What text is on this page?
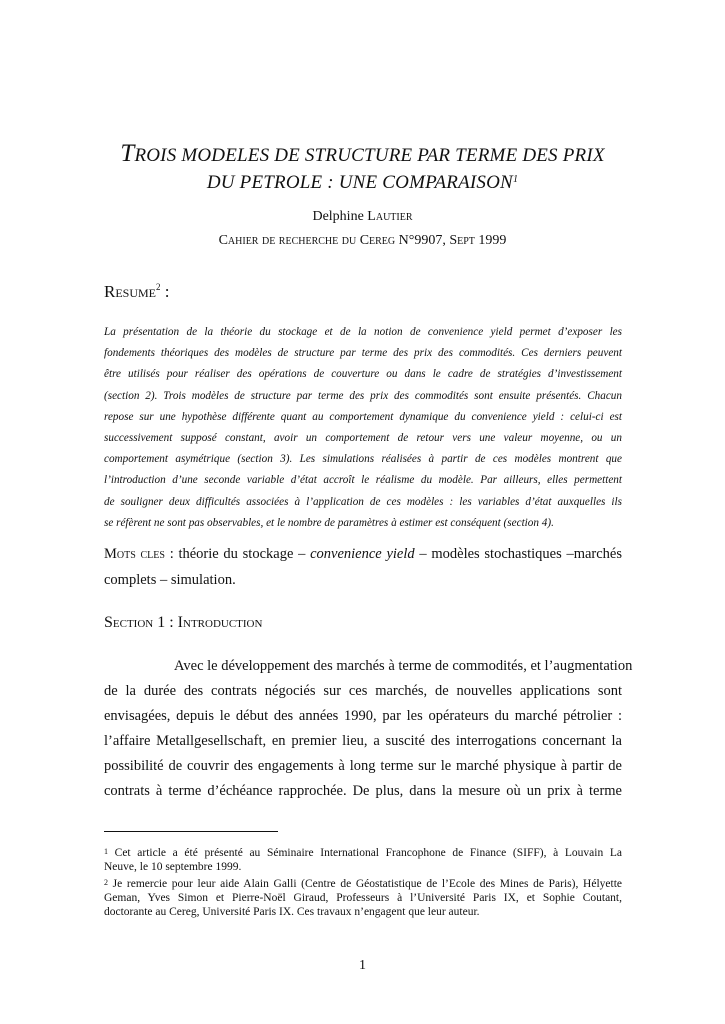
TROIS MODELES DE STRUCTURE PAR TERME DES PRIX
DU PETROLE : UNE COMPARAISON$^1$
Delphine Lautier
Cahier de recherche du Cereg N°9907, Sept 1999
Resume$^2$ :
La présentation de la théorie du stockage et de la notion de convenience yield permet d’exposer les
fondements théoriques des modèles de structure par terme des prix des commodités. Ces derniers peuvent
être utilisés pour réaliser des opérations de couverture ou dans le cadre de stratégies d’investissement
(section 2). Trois modèles de structure par terme des prix des commodités sont ensuite présentés. Chacun
repose sur une hypothèse différente quant au comportement dynamique du convenience yield : celui-ci est
successivement supposé constant, avoir un comportement de retour vers une valeur moyenne, ou un
comportement asymétrique (section 3). Les simulations réalisées à partir de ces modèles montrent que
l’introduction d’une seconde variable d’état accroît le réalisme du modèle. Par ailleurs, elles permettent
de souligner deux difficultés associées à l’application de ces modèles : les variables d’état auxquelles ils
se réfèrent ne sont pas observables, et le nombre de paramètres à estimer est conséquent (section 4).
Mots cles : théorie du stockage – convenience yield – modèles stochastiques –marchés complets – simulation.
Section 1 : Introduction
Avec le développement des marchés à terme de commodités, et l’augmentation
de la durée des contrats négociés sur ces marchés, de nouvelles applications sont
envisagées, depuis le début des années 1990, par les opérateurs du marché pétrolier :
l’affaire Metallgesellschaft, en premier lieu, a suscité des interrogations concernant la
possibilité de couvrir des engagements à long terme sur le marché physique à partir de
contrats à terme d’échéance rapprochée. De plus, dans la mesure où un prix à terme
$^1$ Cet article a été présenté au Séminaire International Francophone de Finance (SIFF), à Louvain La
Neuve, le 10 septembre 1999.
$^2$ Je remercie pour leur aide Alain Galli (Centre de Géostatistique de l’Ecole des Mines de Paris), Hélyette
Geman, Yves Simon et Pierre-Noël Giraud, Professeurs à l’Université Paris IX, et Sophie Coutant,
doctorante au Cereg, Université Paris IX. Ces travaux n’engagent que leur auteur.
1
